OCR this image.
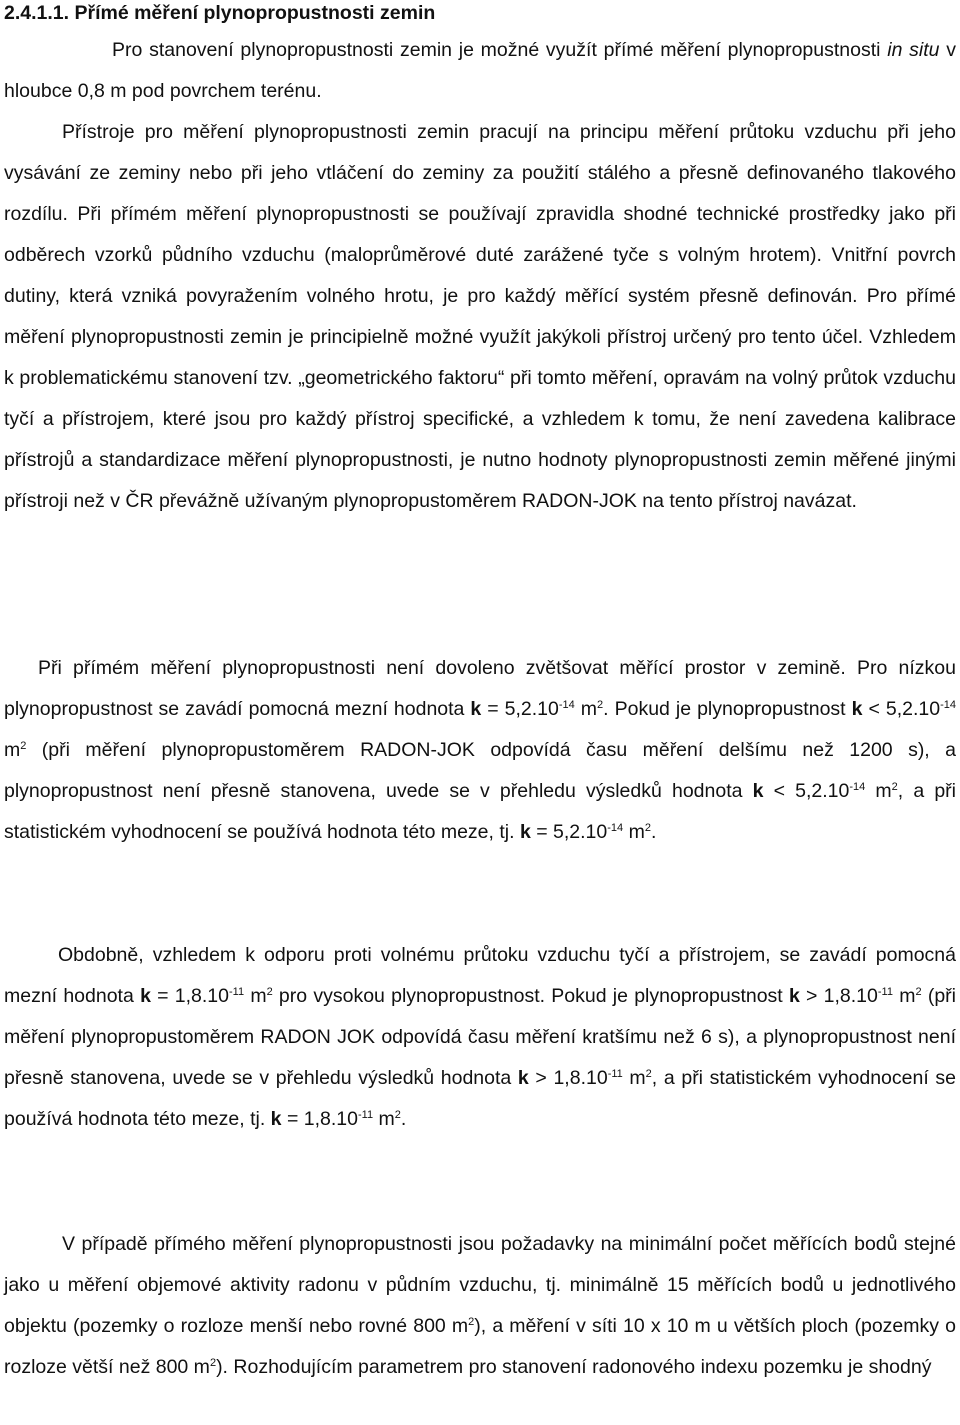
2.4.1.1. Přímé měření plynopropustnosti zemin

Pro stanovení plynopropustnosti zemin je možné využít přímé měření plynopropustnosti in situ v hloubce 0,8 m pod povrchem terénu.

Přístroje pro měření plynopropustnosti zemin pracují na principu měření průtoku vzduchu při jeho vysávání ze zeminy nebo při jeho vtláčení do zeminy za použití stálého a přesně definovaného tlakového rozdílu. Při přímém měření plynopropustnosti se používají zpravidla shodné technické prostředky jako při odběrech vzorků půdního vzduchu (maloprůměrové duté zarážené tyče s volným hrotem). Vnitřní povrch dutiny, která vzniká povyražením volného hrotu, je pro každý měřící systém přesně definován. Pro přímé měření plynopropustnosti zemin je principielně možné využít jakýkoli přístroj určený pro tento účel. Vzhledem k problematickému stanovení tzv. „geometrického faktoru“ při tomto měření, opravám na volný průtok vzduchu tyčí a přístrojem, které jsou pro každý přístroj specifické, a vzhledem k tomu, že není zavedena kalibrace přístrojů a standardizace měření plynopropustnosti, je nutno hodnoty plynopropustnosti zemin měřené jinými přístroji než v ČR převážně užívaným plynopropustoměrem RADON-JOK na tento přístroj navázat.

Při přímém měření plynopropustnosti není dovoleno zvětšovat měřící prostor v zemině. Pro nízkou plynopropustnost se zavádí pomocná mezní hodnota $k = 5,2.10^{-14}$ $m^2$. Pokud je plynopropustnost $k < 5,2.10^{-14}$ $m^2$ (při měření plynopropustoměrem RADON-JOK odpovídá času měření delšímu než 1200 s), a plynopropustnost není přesně stanovena, uvede se v přehledu výsledků hodnota $k < 5,2.10^{-14}$ $m^2$, a při statistickém vyhodnocení se používá hodnota této meze, tj. $k = 5,2.10^{-14}$ $m^2$.

Obdobně, vzhledem k odporu proti volnému průtoku vzduchu tyčí a přístrojem, se zavádí pomocná mezní hodnota $k = 1,8.10^{-11}$ $m^2$ pro vysokou plynopropustnost. Pokud je plynopropustnost $k > 1,8.10^{-11}$ $m^2$ (při měření plynopropustoměrem RADON JOK odpovídá času měření kratšímu než 6 s), a plynopropustnost není přesně stanovena, uvede se v přehledu výsledků hodnota $k > 1,8.10^{-11}$ $m^2$, a při statistickém vyhodnocení se používá hodnota této meze, tj. $k = 1,8.10^{-11}$ $m^2$.

V případě přímého měření plynopropustnosti jsou požadavky na minimální počet měřících bodů stejné jako u měření objemové aktivity radonu v půdním vzduchu, tj. minimálně 15 měřících bodů u jednotlivého objektu (pozemky o rozloze menší nebo rovné 800 $m^2$), a měření v síti 10 x 10 m u větších ploch (pozemky o rozloze větší než 800 $m^2$). Rozhodujícím parametrem pro stanovení radonového indexu pozemku je shodný
